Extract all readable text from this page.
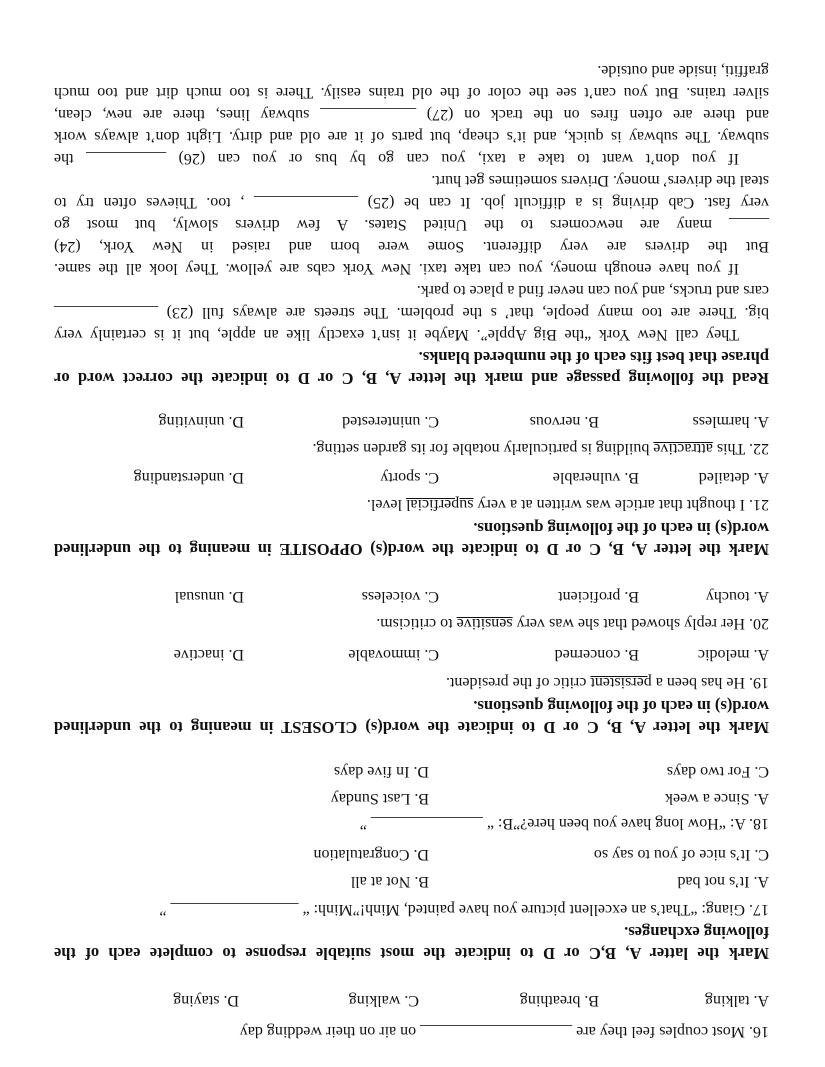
16. Most couples feel they are ___________________ on air on their wedding day
A. talking
B. breathing
C. walking
D. staying
Mark the latter A, B,C or D to indicate the most suitable response to complete each of the
following exchanges.
17. Giang: “That’s an excellent picture you have painted, Minh!”Minh: “ ________________ ”
A. It’s not bad
B. Not at all
C. It’s nice of you to say so
D. Congratulation
18. A: “How long have you been here?”B: “ ______________ ”
A. Since a week
B. Last Sunday
C. For two days
D. In five days
Mark the letter A, B, C or D to indicate the word(s) CLOSEST in meaning to the underlined
word(s) in each of the following questions.
19. He has been a persistent critic of the president.
A. melodic
B. concerned
C. immovable
D. inactive
20. Her reply showed that she was very sensitive to criticism.
A. touchy
B. proficient
C. voiceless
D. unusual
Mark the letter A, B, C or D to indicate the word(s) OPPOSITE in meaning to the underlined
word(s) in each of the following questions.
21. I thought that article was written at a very superficial level.
A. detailed
B. vulnerable
C. sporty
D. understanding
22. This attractive building is particularly notable for its garden setting.
A. harmless
B. nervous
C. uninterested
D. uninviting
Read the following passage and mark the letter A, B, C or D to indicate the correct word or
phrase that best fits each of the numbered blanks.
They call New York “the Big Apple”. Maybe it isn’t exactly like an apple, but it is certainly very
big. There are too many people, that’ s the problem. The streets are always full (23) _____________
cars and trucks, and you can never find a place to park.
If you have enough money, you can take taxi. New York cabs are yellow. They look all the same.
But the drivers are very different. Some were born and raised in New York, (24)
_____ many are newcomers to the United States. A few drivers slowly, but most go
very fast. Cab driving is a difficult job. It can be (25) _____________ , too. Thieves often try to
steal the drivers’ money. Drivers sometimes get hurt.
If you don’t want to take a taxi, you can go by bus or you can (26) __________ the
subway. The subway is quick, and it’s cheap, but parts of it are old and dirty. Light don’t always work
and there are often fires on the track on (27) ____________ subway lines, there are new, clean,
silver trains. But you can’t see the color of the old trains easily. There is too much dirt and too much
graffiti, inside and outside.
